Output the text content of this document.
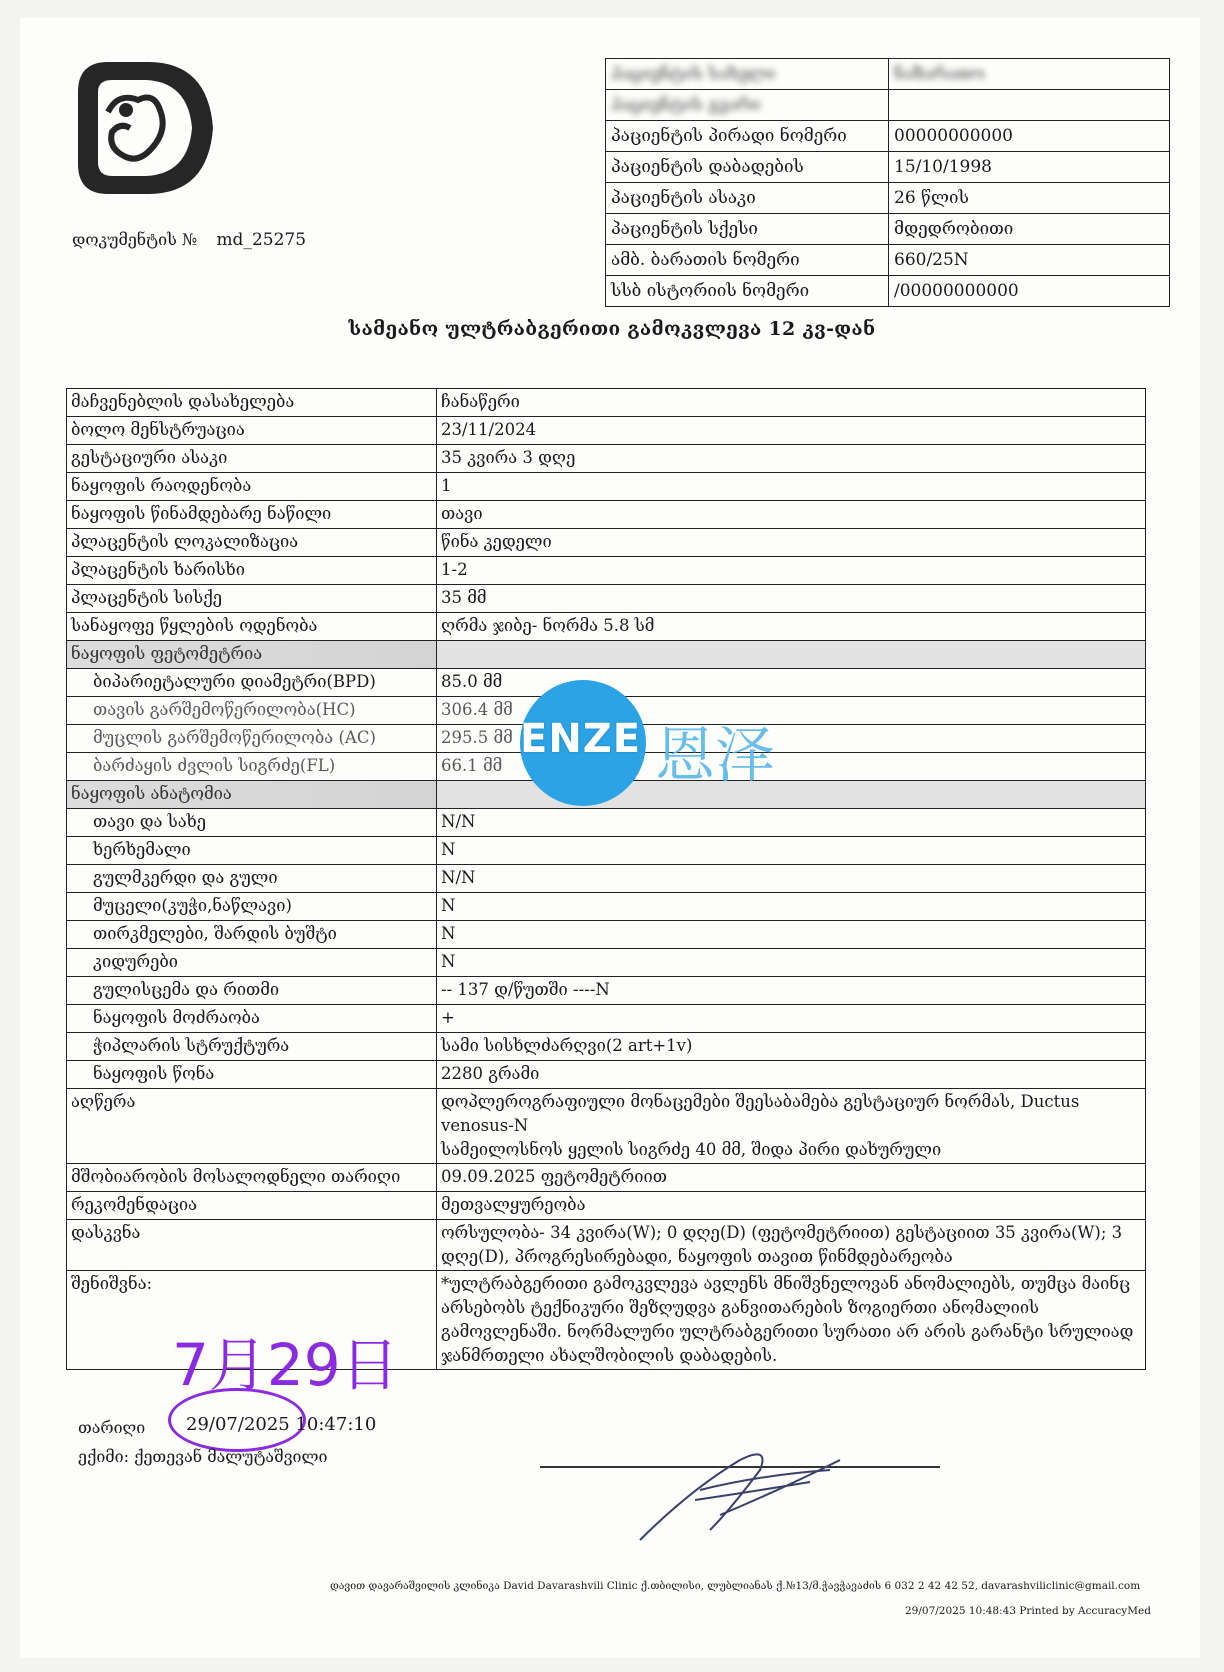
დოკუმენტის № md_25275
პაციენტის სახელი	ნაზარათო
პაციენტის გვარი	
პაციენტის პირადი ნომერი	00000000000
პაციენტის დაბადების	15/10/1998
პაციენტის ასაკი	26 წლის
პაციენტის სქესი	მდედრობითი
ამბ. ბარათის ნომერი	660/25N
სსბ ისტორიის ნომერი	/00000000000
სამეანო ულტრაბგერითი გამოკვლევა 12 კვ-დან
მაჩვენებლის დასახელება	ჩანაწერი
ბოლო მენსტრუაცია	23/11/2024
გესტაციური ასაკი	35 კვირა 3 დღე
ნაყოფის რაოდენობა	1
ნაყოფის წინამდებარე ნაწილი	თავი
პლაცენტის ლოკალიზაცია	წინა კედელი
პლაცენტის ხარისხი	1-2
პლაცენტის სისქე	35 მმ
სანაყოფე წყლების ოდენობა	ღრმა ჯიბე- ნორმა 5.8 სმ
ნაყოფის ფეტომეტრია	
ბიპარიეტალური დიამეტრი(BPD)	85.0 მმ
თავის გარშემოწერილობა(HC)	306.4 მმ
მუცლის გარშემოწერილობა (AC)	295.5 მმ
ბარძაყის ძვლის სიგრძე(FL)	66.1 მმ
ნაყოფის ანატომია	
თავი და სახე	N/N
ხერხემალი	N
გულმკერდი და გული	N/N
მუცელი(კუჭი,ნაწლავი)	N
თირკმელები, შარდის ბუშტი	N
კიდურები	N
გულისცემა და რითმი	-- 137 დ/წუთში ----N
ნაყოფის მოძრაობა	+
ჭიპლარის სტრუქტურა	სამი სისხლძარღვი(2 art+1v)
ნაყოფის წონა	2280 გრამი
აღწერა	დოპლეროგრაფიული მონაცემები შეესაბამება გესტაციურ ნორმას, Ductus venosus-N
სამეილოსნოს ყელის სიგრძე 40 მმ, შიდა პირი დახურული

მშობიარობის მოსალოდნელი თარიღი	09.09.2025 ფეტომეტრიით
რეკომენდაცია	მეთვალყურეობა
დასკვნა	ორსულობა- 34 კვირა(W); 0 დღე(D) (ფეტომეტრიით) გესტაციით 35 კვირა(W); 3 დღე(D), პროგრესირებადი, ნაყოფის თავით წინმდებარეობა
შენიშვნა:	*ულტრაბგერითი გამოკვლევა ავლენს მნიშვნელოვან ანომალიებს, თუმცა მაინც არსებობს ტექნიკური შეზღუდვა განვითარების ზოგიერთი ანომალიის გამოვლენაში. ნორმალური ულტრაბგერითი სურათი არ არის გარანტი სრულიად ჯანმრთელი ახალშობილის დაბადების.
ENZE 恩泽
7月29日
თარიღი 29/07/2025 10:47:10
ექიმი: ქეთევან მალუტაშვილი
დავით დავარაშვილის კლინიკა David Davarashvili Clinic ქ.თბილისი, ლუბლიანას ქ.№13/მ.ჭავჭავაძის 6 032 2 42 42 52, davarashviliclinic@gmail.com
29/07/2025 10:48:43 Printed by AccuracyMed
